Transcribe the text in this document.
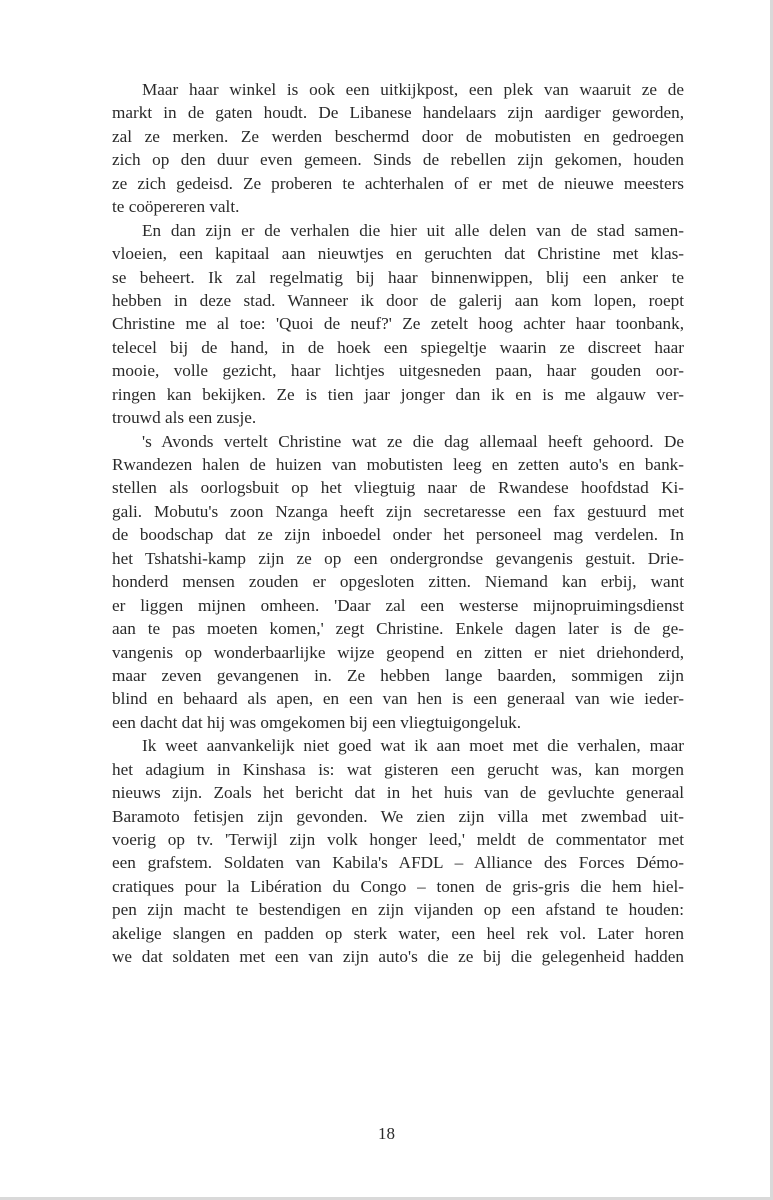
Maar haar winkel is ook een uitkijkpost, een plek van waaruit ze de
markt in de gaten houdt. De Libanese handelaars zijn aardiger geworden,
zal ze merken. Ze werden beschermd door de mobutisten en gedroegen
zich op den duur even gemeen. Sinds de rebellen zijn gekomen, houden
ze zich gedeisd. Ze proberen te achterhalen of er met de nieuwe meesters
te coöpereren valt.
En dan zijn er de verhalen die hier uit alle delen van de stad samen-
vloeien, een kapitaal aan nieuwtjes en geruchten dat Christine met klas-
se beheert. Ik zal regelmatig bij haar binnenwippen, blij een anker te
hebben in deze stad. Wanneer ik door de galerij aan kom lopen, roept
Christine me al toe: 'Quoi de neuf?' Ze zetelt hoog achter haar toonbank,
telecel bij de hand, in de hoek een spiegeltje waarin ze discreet haar
mooie, volle gezicht, haar lichtjes uitgesneden paan, haar gouden oor-
ringen kan bekijken. Ze is tien jaar jonger dan ik en is me algauw ver-
trouwd als een zusje.
's Avonds vertelt Christine wat ze die dag allemaal heeft gehoord. De
Rwandezen halen de huizen van mobutisten leeg en zetten auto's en bank-
stellen als oorlogsbuit op het vliegtuig naar de Rwandese hoofdstad Ki-
gali. Mobutu's zoon Nzanga heeft zijn secretaresse een fax gestuurd met
de boodschap dat ze zijn inboedel onder het personeel mag verdelen. In
het Tshatshi-kamp zijn ze op een ondergrondse gevangenis gestuit. Drie-
honderd mensen zouden er opgesloten zitten. Niemand kan erbij, want
er liggen mijnen omheen. 'Daar zal een westerse mijnopruimingsdienst
aan te pas moeten komen,' zegt Christine. Enkele dagen later is de ge-
vangenis op wonderbaarlijke wijze geopend en zitten er niet driehonderd,
maar zeven gevangenen in. Ze hebben lange baarden, sommigen zijn
blind en behaard als apen, en een van hen is een generaal van wie ieder-
een dacht dat hij was omgekomen bij een vliegtuigongeluk.
Ik weet aanvankelijk niet goed wat ik aan moet met die verhalen, maar
het adagium in Kinshasa is: wat gisteren een gerucht was, kan morgen
nieuws zijn. Zoals het bericht dat in het huis van de gevluchte generaal
Baramoto fetisjen zijn gevonden. We zien zijn villa met zwembad uit-
voerig op tv. 'Terwijl zijn volk honger leed,' meldt de commentator met
een grafstem. Soldaten van Kabila's AFDL – Alliance des Forces Démo-
cratiques pour la Libération du Congo – tonen de gris-gris die hem hiel-
pen zijn macht te bestendigen en zijn vijanden op een afstand te houden:
akelige slangen en padden op sterk water, een heel rek vol. Later horen
we dat soldaten met een van zijn auto's die ze bij die gelegenheid hadden
18
